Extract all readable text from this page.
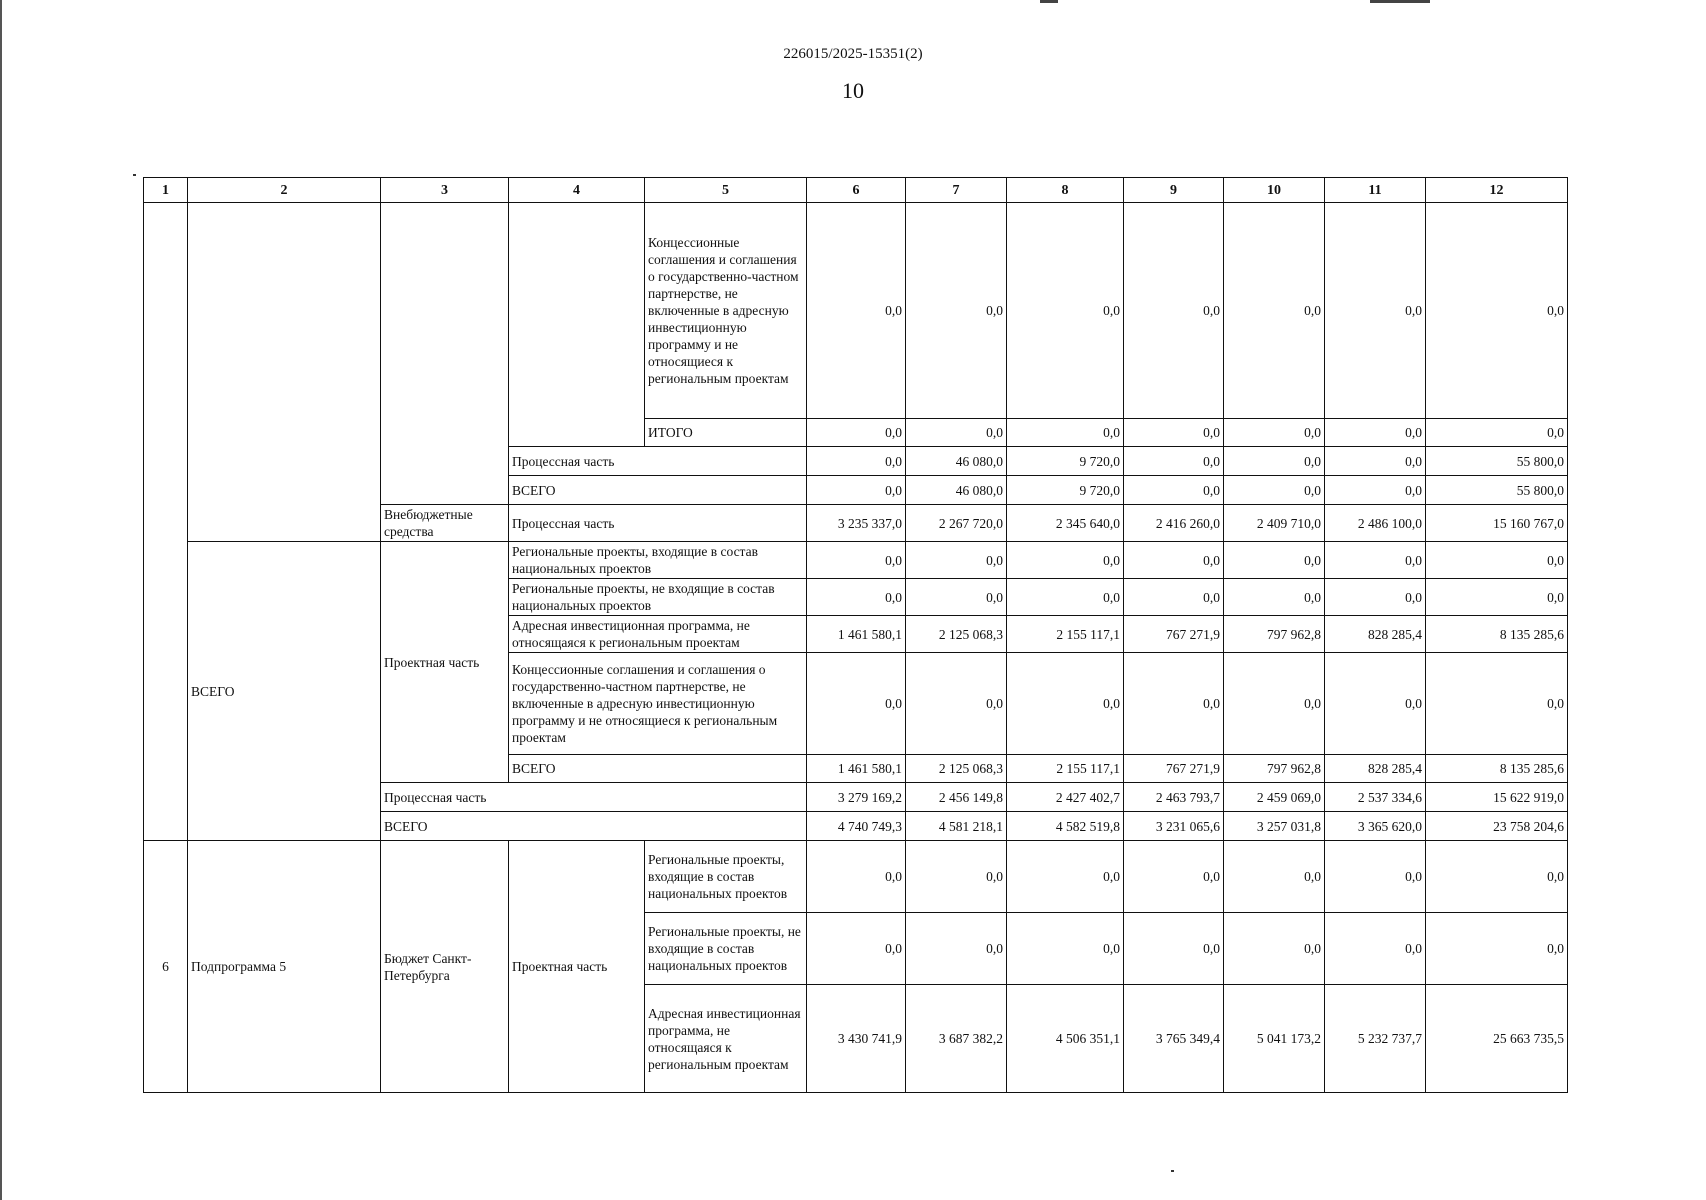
226015/2025-15351(2)
10
1	2	3	4	5	6	7	8	9	10	11	12
				Концессионные соглашения и соглашения о государственно-частном партнерстве, не включенные в адресную инвестиционную программу и не относящиеся к региональным проектам	0,0	0,0	0,0	0,0	0,0	0,0	0,0
				ИТОГО	0,0	0,0	0,0	0,0	0,0	0,0	0,0
			Процессная часть		0,0	46 080,0	9 720,0	0,0	0,0	0,0	55 800,0
			ВСЕГО		0,0	46 080,0	9 720,0	0,0	0,0	0,0	55 800,0
		Внебюджетные средства	Процессная часть		3 235 337,0	2 267 720,0	2 345 640,0	2 416 260,0	2 409 710,0	2 486 100,0	15 160 767,0
	ВСЕГО	Проектная часть	Региональные проекты, входящие в состав национальных проектов		0,0	0,0	0,0	0,0	0,0	0,0	0,0
			Региональные проекты, не входящие в состав национальных проектов		0,0	0,0	0,0	0,0	0,0	0,0	0,0
			Адресная инвестиционная программа, не относящаяся к региональным проектам		1 461 580,1	2 125 068,3	2 155 117,1	767 271,9	797 962,8	828 285,4	8 135 285,6
			Концессионные соглашения и соглашения о государственно-частном партнерстве, не включенные в адресную инвестиционную программу и не относящиеся к региональным проектам		0,0	0,0	0,0	0,0	0,0	0,0	0,0
			ВСЕГО		1 461 580,1	2 125 068,3	2 155 117,1	767 271,9	797 962,8	828 285,4	8 135 285,6
		Процессная часть			3 279 169,2	2 456 149,8	2 427 402,7	2 463 793,7	2 459 069,0	2 537 334,6	15 622 919,0
		ВСЕГО			4 740 749,3	4 581 218,1	4 582 519,8	3 231 065,6	3 257 031,8	3 365 620,0	23 758 204,6
6	Подпрограмма 5	Бюджет Санкт-Петербурга	Проектная часть	Региональные проекты, входящие в состав национальных проектов	0,0	0,0	0,0	0,0	0,0	0,0	0,0
				Региональные проекты, не входящие в состав национальных проектов	0,0	0,0	0,0	0,0	0,0	0,0	0,0
				Адресная инвестиционная программа, не относящаяся к региональным проектам	3 430 741,9	3 687 382,2	4 506 351,1	3 765 349,4	5 041 173,2	5 232 737,7	25 663 735,5
